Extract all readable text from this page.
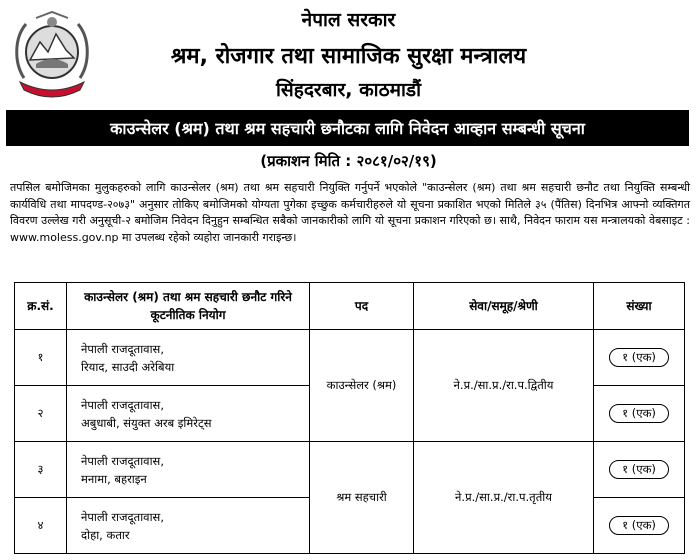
नेपाल सरकार
श्रम, रोजगार तथा सामाजिक सुरक्षा मन्त्रालय
सिंहदरबार, काठमाडौं
काउन्सेलर (श्रम) तथा श्रम सहचारी छनौटका लागि निवेदन आव्हान सम्बन्धी सूचना
(प्रकाशन मिति : २०८१/०२/१९)
तपसिल बमोजिमका मुलुकहरुको लागि काउन्सेलर (श्रम) तथा श्रम सहचारी नियुक्ति गर्नुपर्ने भएकोले "काउन्सेलर (श्रम) तथा श्रम सहचारी छनौट तथा नियुक्ति सम्बन्धी कार्यविधि तथा मापदण्ड-२०७३" अनुसार तोकिए बमोजिमको योग्यता पुगेका इच्छुक कर्मचारीहरुले यो सूचना प्रकाशित भएको मितिले ३५ (पैंतिस) दिनभित्र आफ्नो व्यक्तिगत विवरण उल्लेख गरी अनुसूची-२ बमोजिम निवेदन दिनुहुन सम्बन्धित सबैको जानकारीको लागि यो सूचना प्रकाशन गरिएको छ। साथै, निवेदन फाराम यस मन्त्रालयको वेबसाइट : www.moless.gov.np मा उपलब्ध रहेको व्यहोरा जानकारी गराइन्छ।
क्र.सं.	काउन्सेलर (श्रम) तथा श्रम सहचारी छनौट गरिने कूटनीतिक नियोग	पद	सेवा/समूह/श्रेणी	संख्या
१	नेपाली राजदूतावास,
रियाद, साउदी अरेबिया	काउन्सेलर (श्रम)	ने.प्र./सा.प्र./रा.प.द्वितीय	१ (एक)
२	नेपाली राजदूतावास,
अबुधाबी, संयुक्त अरब इमिरेट्स			१ (एक)
३	नेपाली राजदूतावास,
मनामा, बहराइन	श्रम सहचारी	ने.प्र./सा.प्र./रा.प.तृतीय	१ (एक)
४	नेपाली राजदूतावास,
दोहा, कतार			१ (एक)
